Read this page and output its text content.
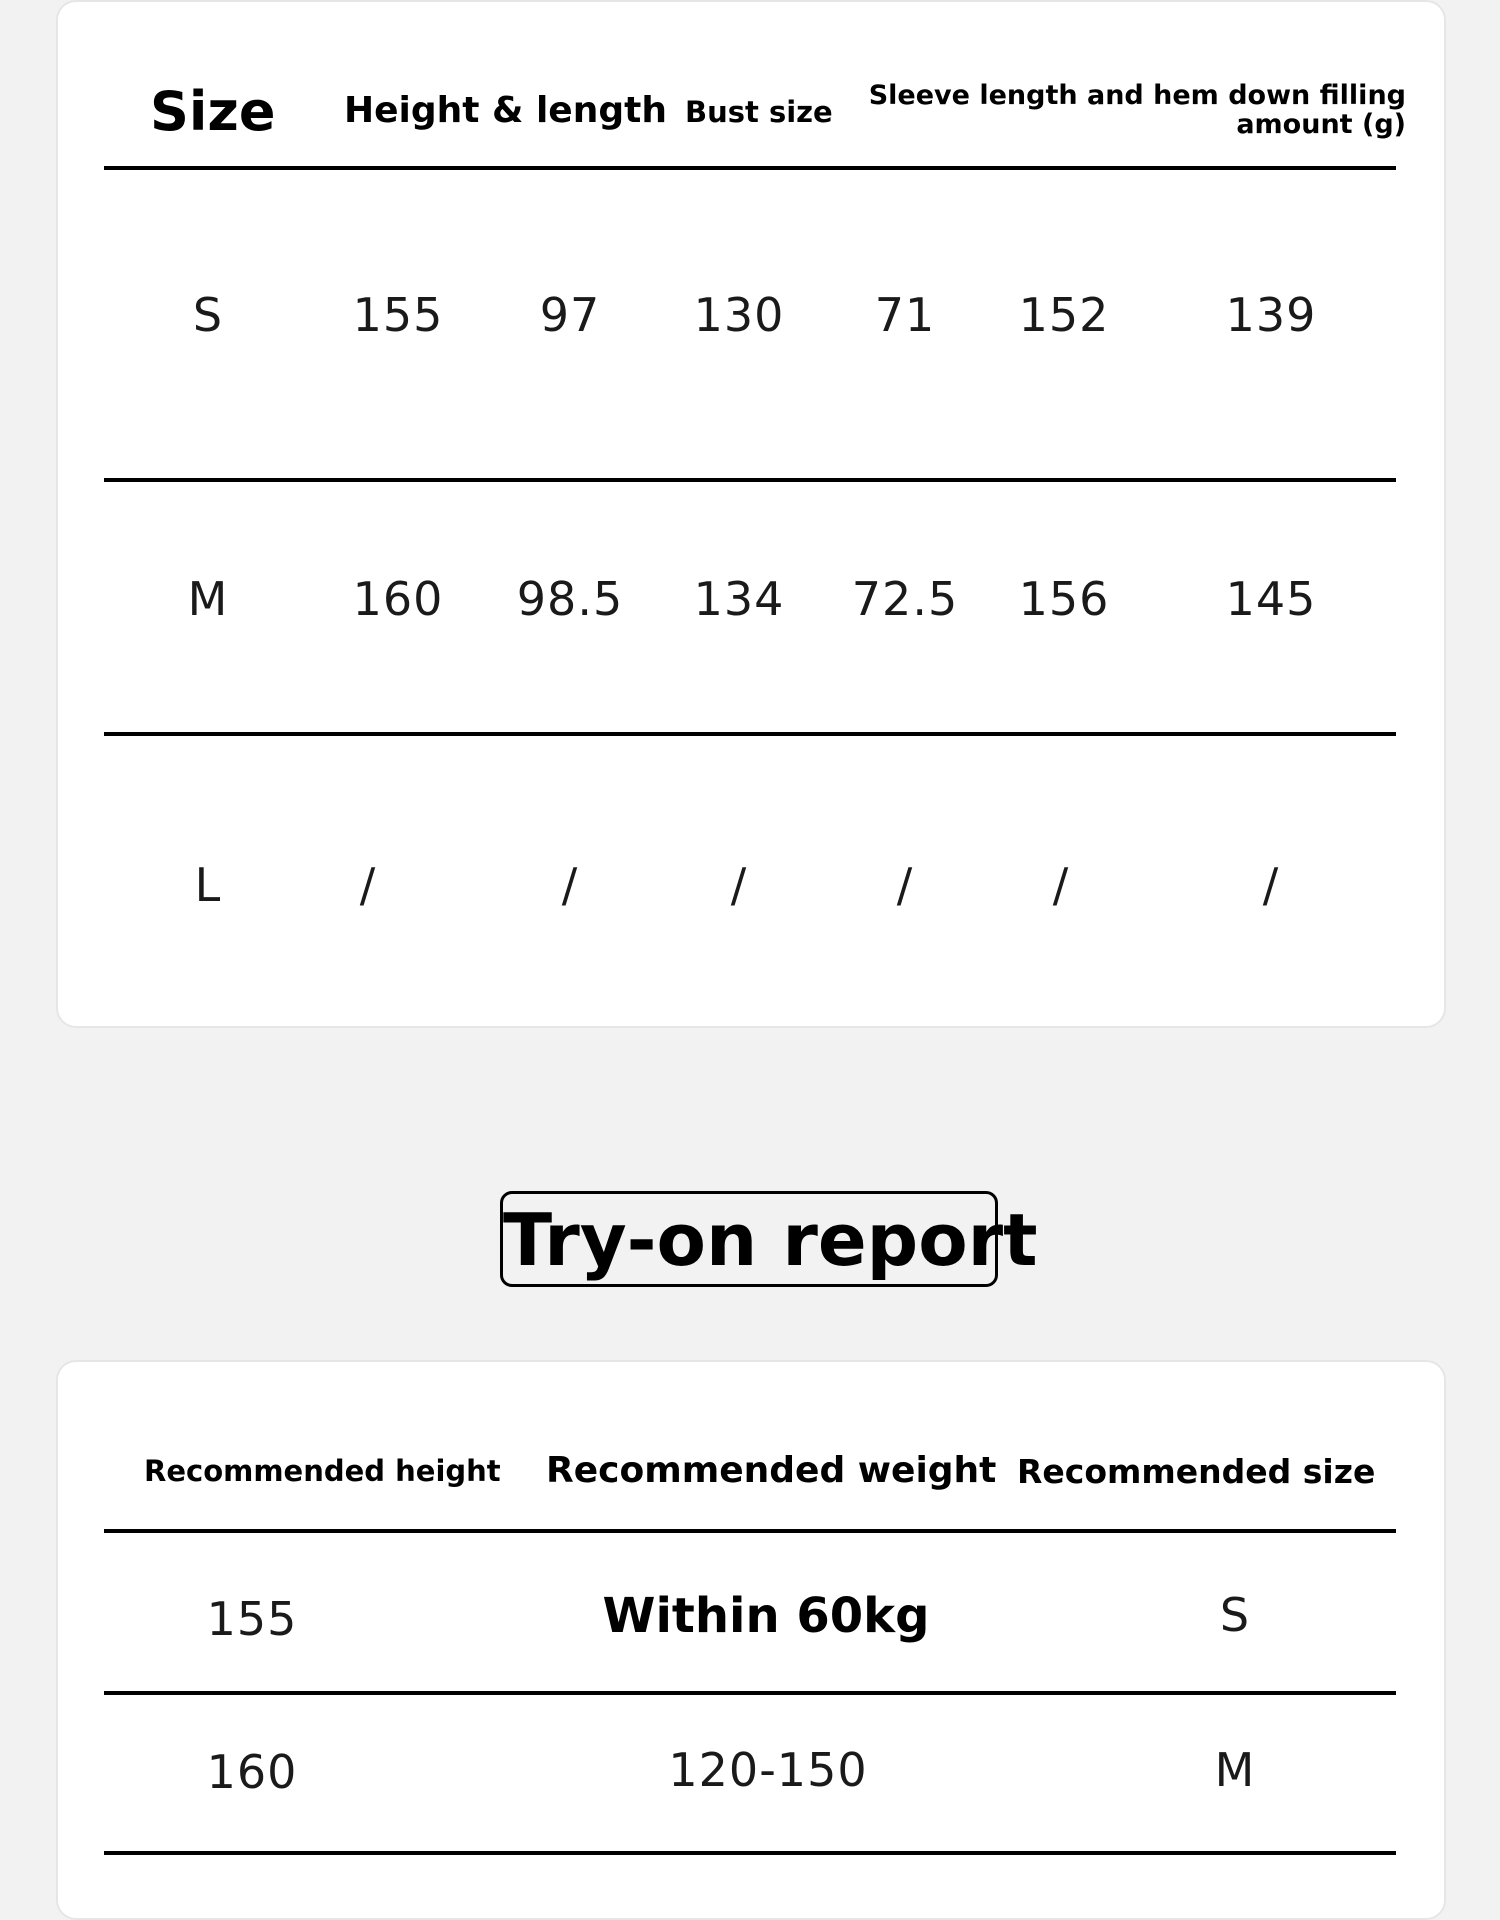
Size Height & length Bust size Sleeve length and hem down filling
amount (g)
S	155 97 130 71 152	139
M	160 98.5 134 72.5 156	145
L	/	/	/	/	/	/
Try-on report
Recommended height Recommended weight Recommended size
155	Within 60kg	S
160	120-150	M
